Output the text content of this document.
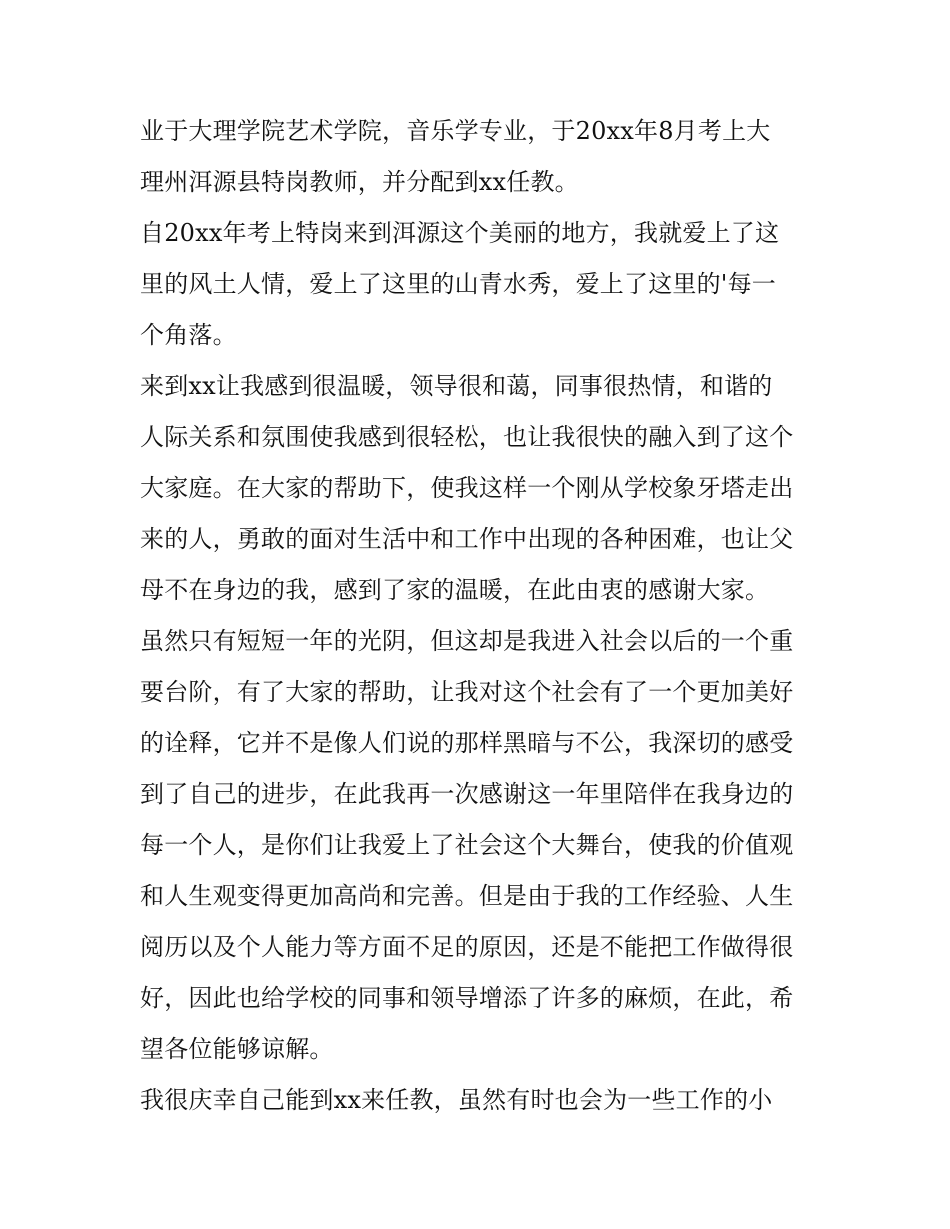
业于大理学院艺术学院，音乐学专业，于20xx年8月考上大
理州洱源县特岗教师，并分配到xx任教。
自20xx年考上特岗来到洱源这个美丽的地方，我就爱上了这
里的风土人情，爱上了这里的山青水秀，爱上了这里的'每一
个角落。
来到xx让我感到很温暖，领导很和蔼，同事很热情，和谐的
人际关系和氛围使我感到很轻松，也让我很快的融入到了这个
大家庭。在大家的帮助下，使我这样一个刚从学校象牙塔走出
来的人，勇敢的面对生活中和工作中出现的各种困难，也让父
母不在身边的我，感到了家的温暖，在此由衷的感谢大家。
虽然只有短短一年的光阴，但这却是我进入社会以后的一个重
要台阶，有了大家的帮助，让我对这个社会有了一个更加美好
的诠释，它并不是像人们说的那样黑暗与不公，我深切的感受
到了自己的进步，在此我再一次感谢这一年里陪伴在我身边的
每一个人，是你们让我爱上了社会这个大舞台，使我的价值观
和人生观变得更加高尚和完善。但是由于我的工作经验、人生
阅历以及个人能力等方面不足的原因，还是不能把工作做得很
好，因此也给学校的同事和领导增添了许多的麻烦，在此，希
望各位能够谅解。
我很庆幸自己能到xx来任教，虽然有时也会为一些工作的小
